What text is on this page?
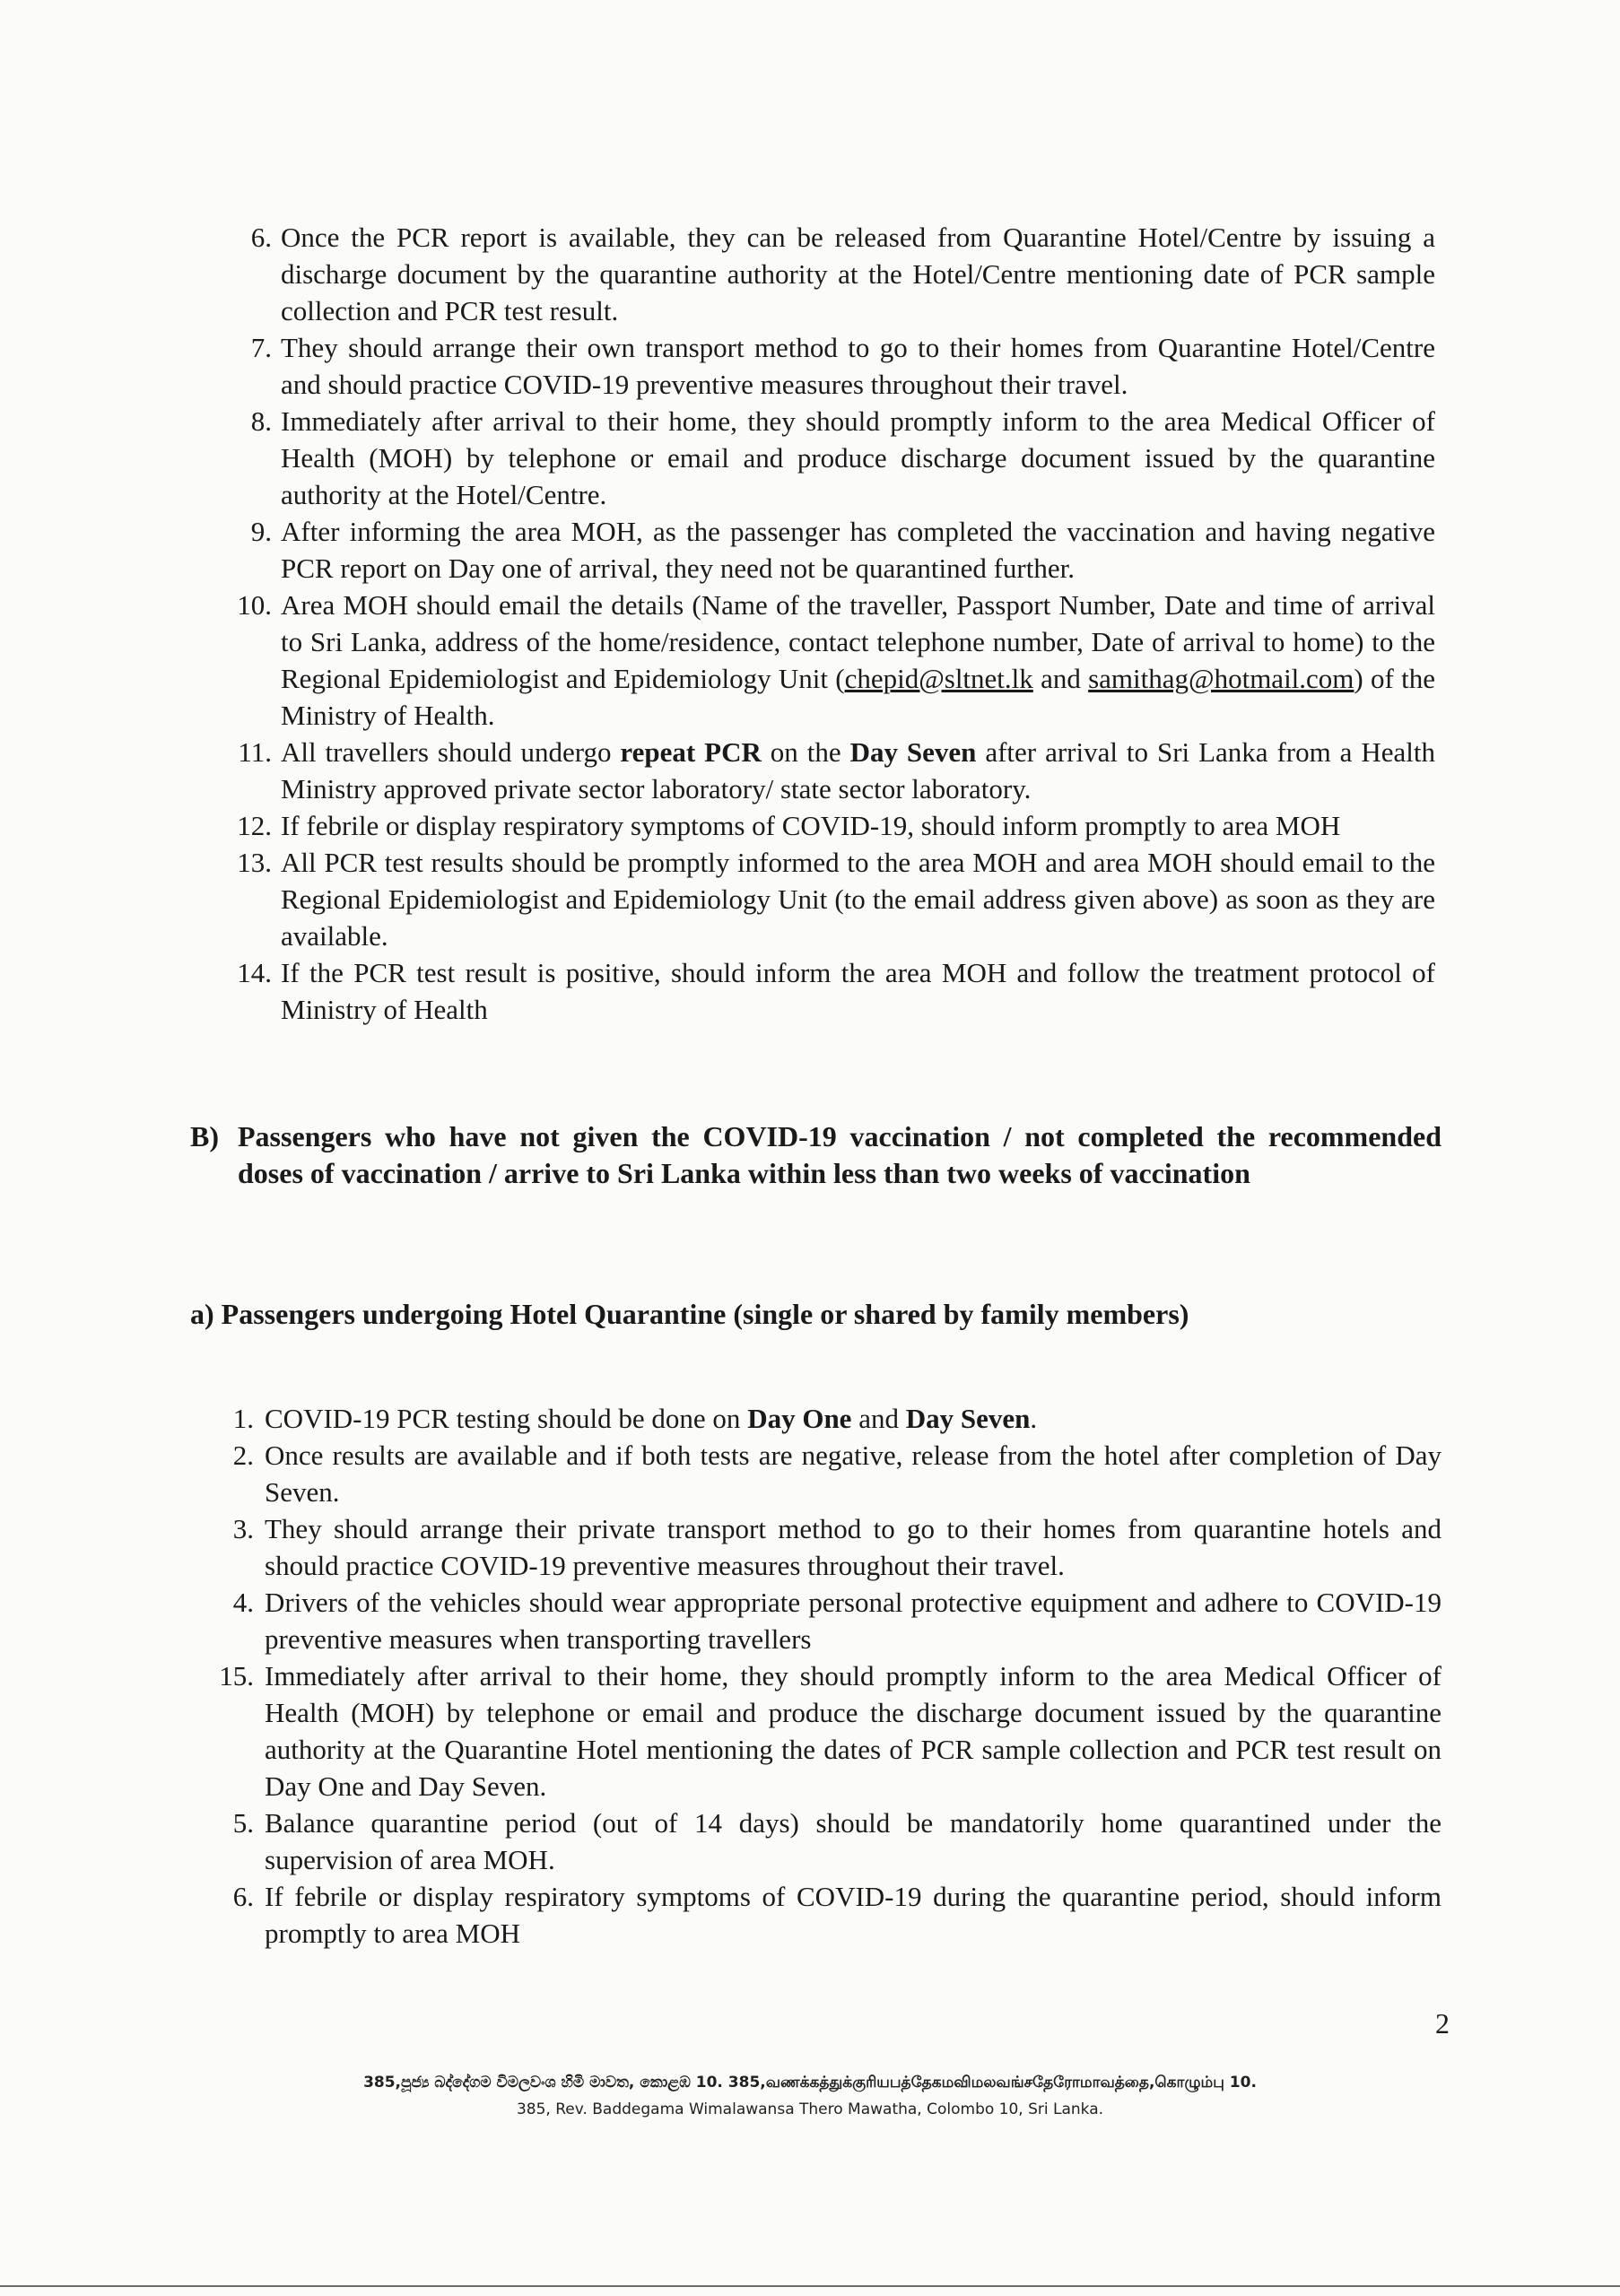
6. Once the PCR report is available, they can be released from Quarantine Hotel/Centre by issuing a discharge document by the quarantine authority at the Hotel/Centre mentioning date of PCR sample collection and PCR test result.
7. They should arrange their own transport method to go to their homes from Quarantine Hotel/Centre and should practice COVID-19 preventive measures throughout their travel.
8. Immediately after arrival to their home, they should promptly inform to the area Medical Officer of Health (MOH) by telephone or email and produce discharge document issued by the quarantine authority at the Hotel/Centre.
9. After informing the area MOH, as the passenger has completed the vaccination and having negative PCR report on Day one of arrival, they need not be quarantined further.
10. Area MOH should email the details (Name of the traveller, Passport Number, Date and time of arrival to Sri Lanka, address of the home/residence, contact telephone number, Date of arrival to home) to the Regional Epidemiologist and Epidemiology Unit (chepid@sltnet.lk and samithag@hotmail.com) of the Ministry of Health.
11. All travellers should undergo repeat PCR on the Day Seven after arrival to Sri Lanka from a Health Ministry approved private sector laboratory/ state sector laboratory.
12. If febrile or display respiratory symptoms of COVID-19, should inform promptly to area MOH
13. All PCR test results should be promptly informed to the area MOH and area MOH should email to the Regional Epidemiologist and Epidemiology Unit (to the email address given above) as soon as they are available.
14. If the PCR test result is positive, should inform the area MOH and follow the treatment protocol of Ministry of Health
B) Passengers who have not given the COVID-19 vaccination / not completed the recommended doses of vaccination / arrive to Sri Lanka within less than two weeks of vaccination
a) Passengers undergoing Hotel Quarantine (single or shared by family members)
1. COVID-19 PCR testing should be done on Day One and Day Seven.
2. Once results are available and if both tests are negative, release from the hotel after completion of Day Seven.
3. They should arrange their private transport method to go to their homes from quarantine hotels and should practice COVID-19 preventive measures throughout their travel.
4. Drivers of the vehicles should wear appropriate personal protective equipment and adhere to COVID-19 preventive measures when transporting travellers
15. Immediately after arrival to their home, they should promptly inform to the area Medical Officer of Health (MOH) by telephone or email and produce the discharge document issued by the quarantine authority at the Quarantine Hotel mentioning the dates of PCR sample collection and PCR test result on Day One and Day Seven.
5. Balance quarantine period (out of 14 days) should be mandatorily home quarantined under the supervision of area MOH.
6. If febrile or display respiratory symptoms of COVID-19 during the quarantine period, should inform promptly to area MOH
2
385,පූජ්‍ය බද්දේගම විමලවංශ හිමි මාවත, කොළඹ 10. 385,வணக்கத்துக்குரியபத்தேகமவிமலவங்சதேரோமாவத்தை,கொழும்பு 10.
385, Rev. Baddegama Wimalawansa Thero Mawatha, Colombo 10, Sri Lanka.
